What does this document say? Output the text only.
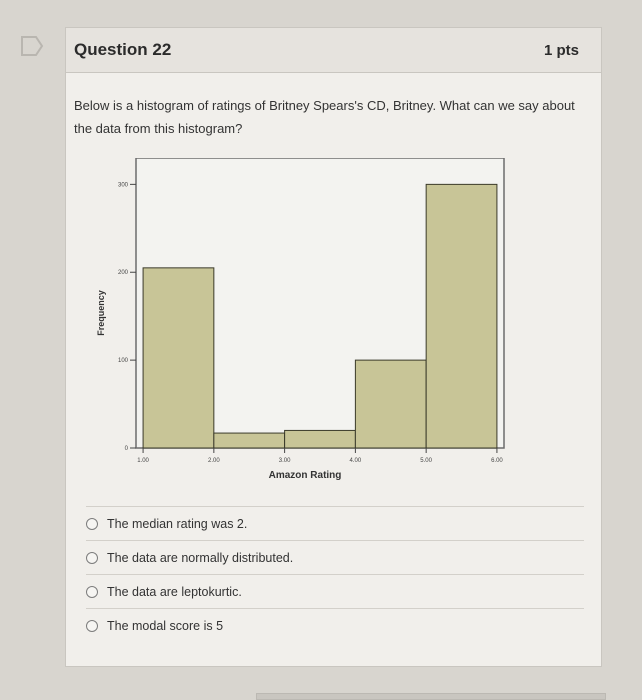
Question 22	1 pts
Below is a histogram of ratings of Britney Spears's CD, Britney. What can we say about the data from this histogram?
1.00	2.00	3.00	4.00	5.00	6.00
0
100
200
300
Amazon Rating
Frequency
The median rating was 2.
The data are normally distributed.
The data are leptokurtic.
The modal score is 5
